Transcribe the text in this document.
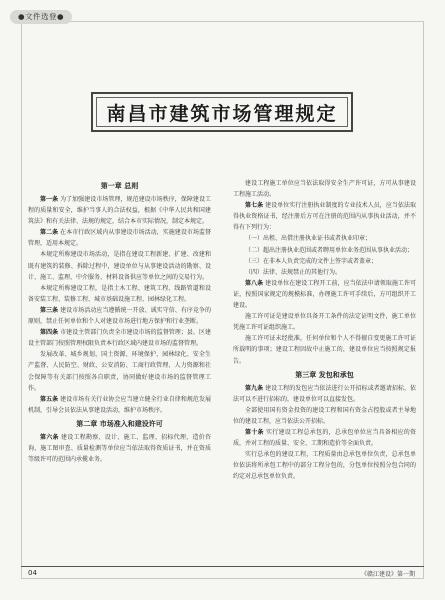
●文件选登●
南昌市建筑市场管理规定
第一章 总则

第一条 为了加强建设市场管理，规范建设市场秩序，保障建设工程的质量和安全，维护当事人的合法权益，根据《中华人民共和国建筑法》和有关法律、法规的规定，结合本市实际情况，制定本规定。

第二条 在本市行政区域内从事建设市场活动，实施建设市场监督管理，适用本规定。

本规定所称建设市场活动，是指在建设工程新建、扩建、改建和既有建筑的装修、拆除过程中，建设单位与从事建设活动的勘察、设计、施工、监理、中介服务、材料设备供应等单位之间的交易行为。

本规定所称建设工程，是指土木工程、建筑工程、线路管道和设备安装工程、装修工程、城市基础设施工程、园林绿化工程。

第三条 建设市场活动应当遵循统一开放、诚实守信、有序竞争的原则，禁止任何单位和个人对建设市场进行地方保护和行业垄断。

第四条 市建设主管部门负责全市建设市场的监督管理；县、区建设主管部门按照管理权限负责本行政区域内建设市场的监督管理。

发展改革、城乡规划、国土资源、环境保护、园林绿化、安全生产监督、人民防空、财政、公安消防、工商行政管理、人力资源和社会保障等有关部门按照各自职责，协同做好建设市场的监督管理工作。

第五条 建设市场有关行业协会应当建立健全行业自律和规范发展机制，引导会员依法从事建设活动，维护市场秩序。

第二章 市场准入和建设许可

第六条 建设工程勘察、设计、施工、监理、招标代理、造价咨询、施工图审查、质量检测等单位应当依法取得资质证书，并在资质等级许可的范围内承揽业务。

建设工程施工单位应当依法取得安全生产许可证，方可从事建设工程施工活动。

第七条 建设单位实行注册执业制度的专业技术人员，应当依法取得执业资格证书，经注册后方可在注册的范围内从事执业活动，并不得有下列行为：

（一）出租、出借注册执业证书或者执业印章；

（二）超出注册执业范围或者聘用单位业务范围从事执业活动；

（三）在非本人负责完成的文件上签字或者盖章；

（四）法律、法规禁止的其他行为。

第八条 建设单位在建设工程开工前，应当依法申请领取施工许可证，按照国家规定的规模标准，办理施工许可手续后，方可组织开工建设。

施工许可证是建设单位具备开工条件的法定证明文件，施工单位凭施工许可证组织施工。

施工许可证未经批准，任何单位和个人不得擅自变更施工许可证所载明的事项；建设工程因故中止施工的，建设单位应当按照规定报告。

第三章 发包和承包

第九条 建设工程的发包应当依法进行公开招标或者邀请招标，依法可以不进行招标的，建设单位可以直接发包。

全部使用国有资金投资的建设工程和国有资金占控股或者主导地位的建设工程，应当依法公开招标。

第十条 实行建设工程总承包的，总承包单位应当具备相应的资质，并对工程的质量、安全、工期和造价等全面负责。

实行总承包的建设工程，工程质量由总承包单位负责，总承包单位依法将所承包工程中的部分工程分包的，分包单位按照分包合同的约定对总承包单位负责。

04	《赣江建设》第一期
